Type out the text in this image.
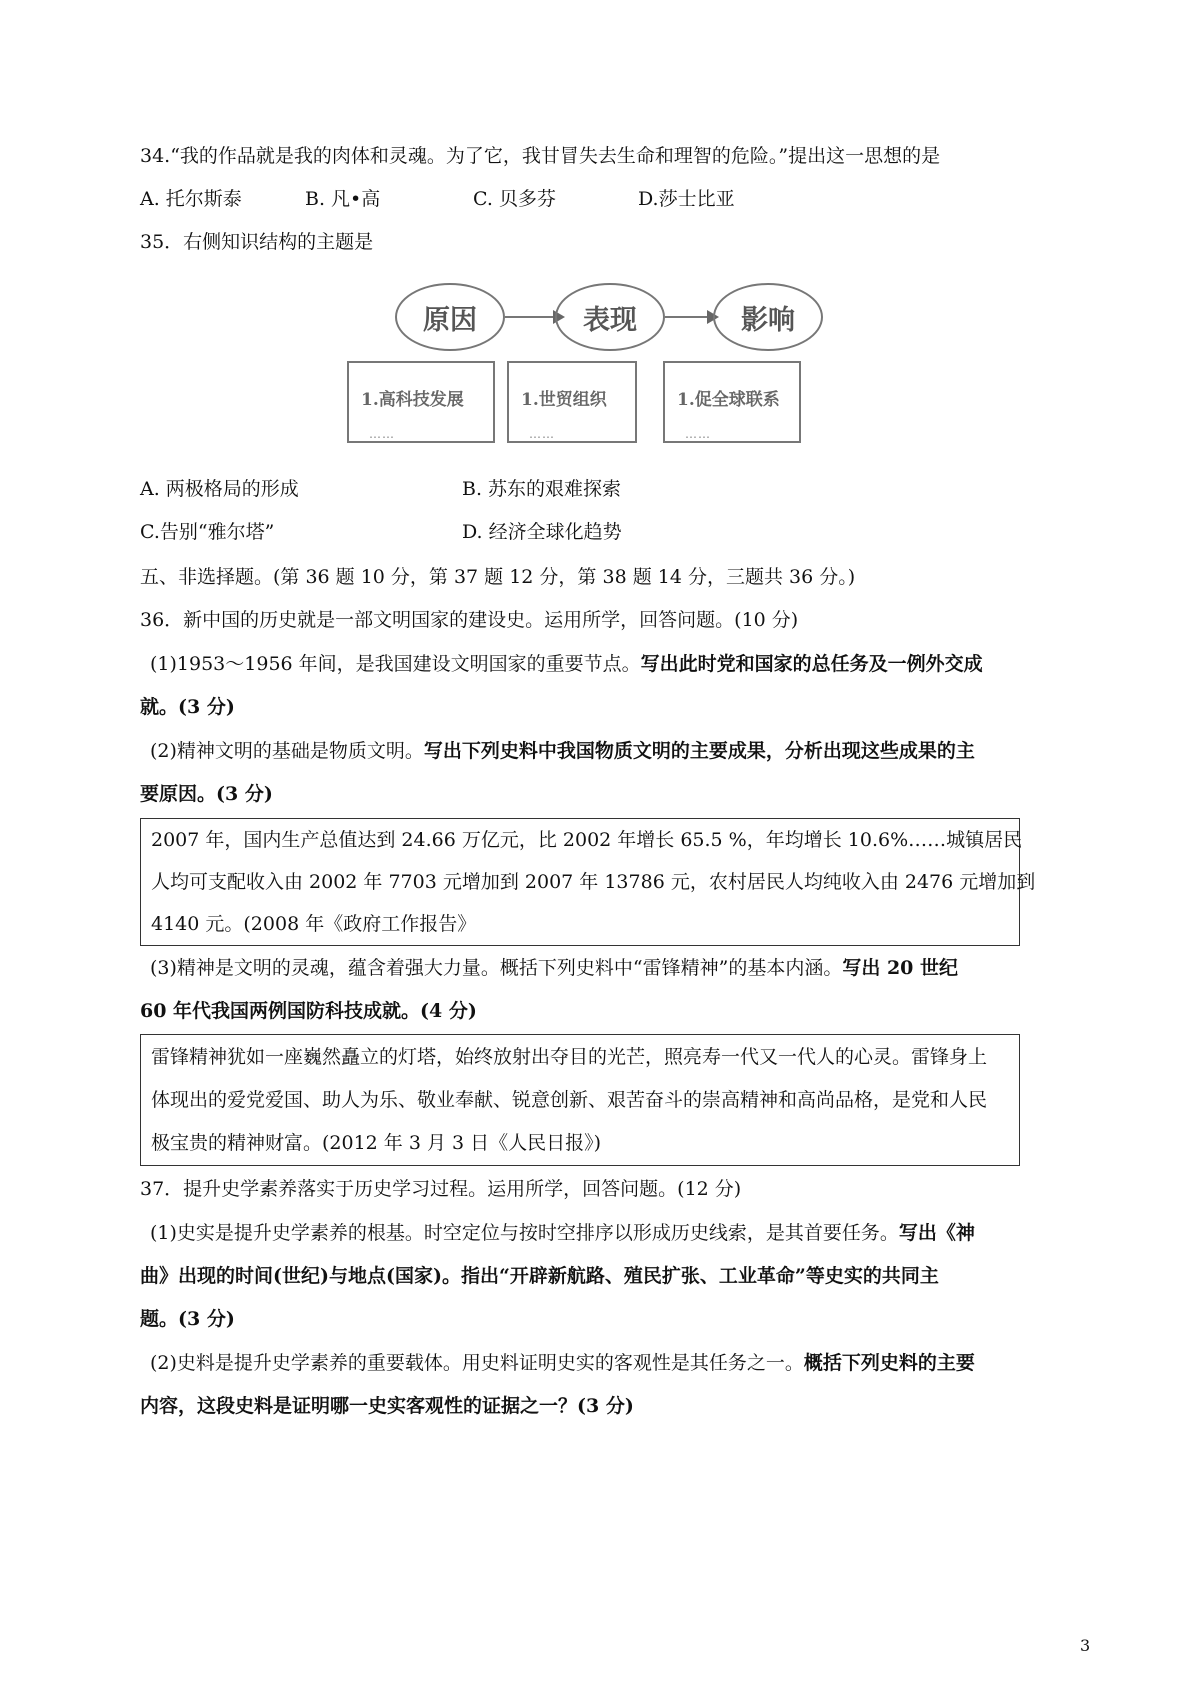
34.“我的作品就是我的肉体和灵魂。为了它，我甘冒失去生命和理智的危险。”提出这一思想的是
A. 托尔斯泰	B. 凡•高	C. 贝多芬	D.莎士比亚
35．右侧知识结构的主题是
原因	表现	影响
1.高科技发展
……
1.世贸组织
……
1.促全球联系
……
A. 两极格局的形成	B. 苏东的艰难探索
C.告别“雅尔塔”	D. 经济全球化趋势
五、非选择题。(第 36 题 10 分，第 37 题 12 分，第 38 题 14 分，三题共 36 分。)
36．新中国的历史就是一部文明国家的建设史。运用所学，回答问题。(10 分)
(1)1953～1956 年间，是我国建设文明国家的重要节点。写出此时党和国家的总任务及一例外交成
就。(3 分)
(2)精神文明的基础是物质文明。写出下列史料中我国物质文明的主要成果，分析出现这些成果的主
要原因。(3 分)
2007 年，国内生产总值达到 24.66 万亿元，比 2002 年增长 65.5 %，年均增长 10.6%……城镇居民
人均可支配收入由 2002 年 7703 元增加到 2007 年 13786 元，农村居民人均纯收入由 2476 元增加到
4140 元。(2008 年《政府工作报告》
(3)精神是文明的灵魂，蕴含着强大力量。概括下列史料中“雷锋精神”的基本内涵。写出 20 世纪
60 年代我国两例国防科技成就。(4 分)
雷锋精神犹如一座巍然矗立的灯塔，始终放射出夺目的光芒，照亮寿一代又一代人的心灵。雷锋身上
体现出的爱党爱国、助人为乐、敬业奉献、锐意创新、艰苦奋斗的崇高精神和高尚品格，是党和人民
极宝贵的精神财富。(2012 年 3 月 3 日《人民日报》)
37．提升史学素养落实于历史学习过程。运用所学，回答问题。(12 分)
(1)史实是提升史学素养的根基。时空定位与按时空排序以形成历史线索，是其首要任务。写出《神
曲》出现的时间(世纪)与地点(国家)。指出“开辟新航路、殖民扩张、工业革命”等史实的共同主
题。(3 分)
(2)史料是提升史学素养的重要载体。用史料证明史实的客观性是其任务之一。概括下列史料的主要
内容，这段史料是证明哪一史实客观性的证据之一？(3 分)
3
